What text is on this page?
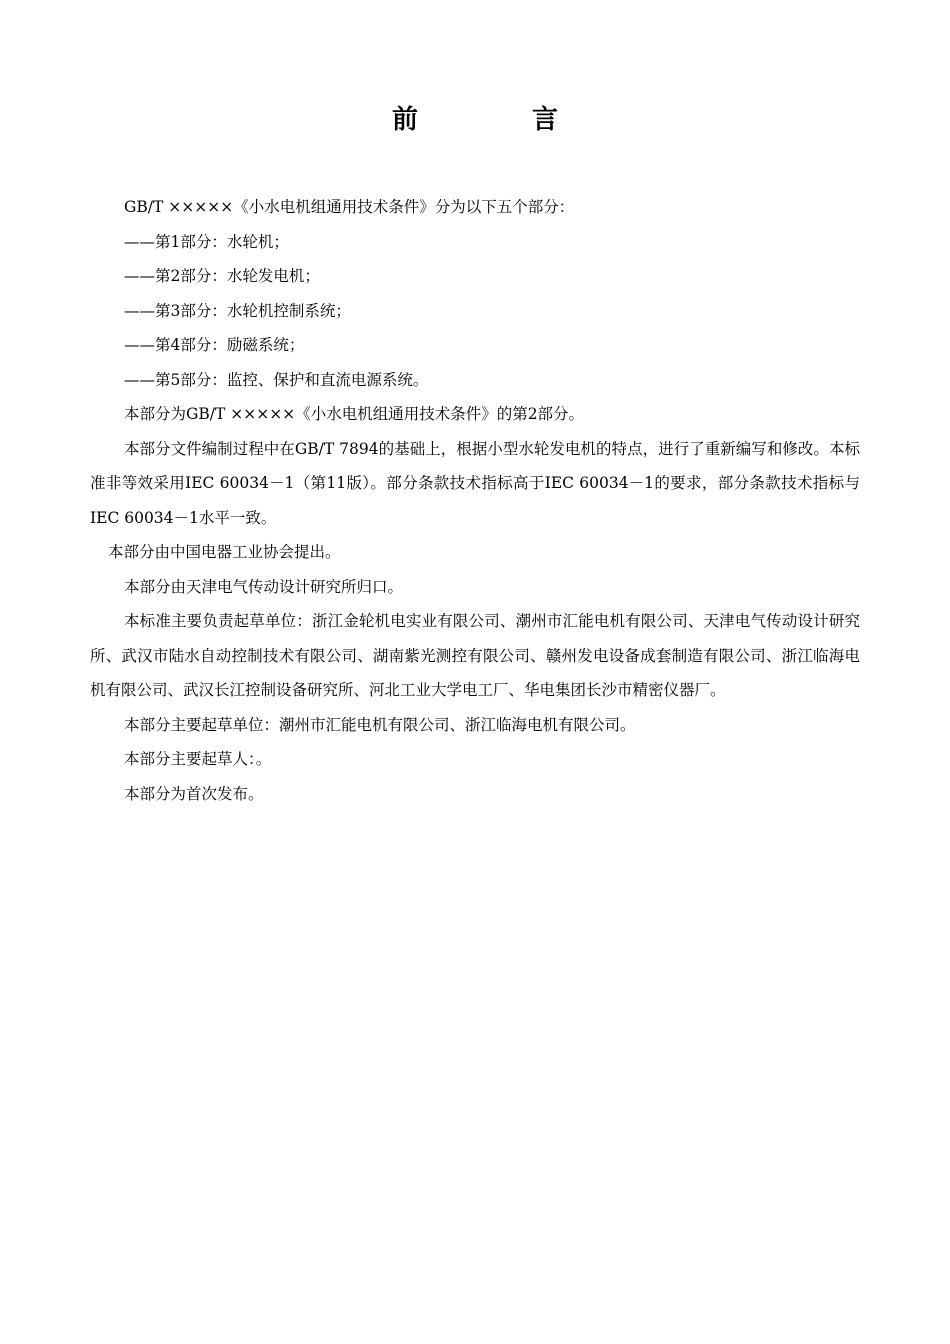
前　言

GB/T ×××××《小水电机组通用技术条件》分为以下五个部分：

——第1部分：水轮机；

——第2部分：水轮发电机；

——第3部分：水轮机控制系统；

——第4部分：励磁系统；

——第5部分：监控、保护和直流电源系统。

本部分为GB/T ×××××《小水电机组通用技术条件》的第2部分。

本部分文件编制过程中在GB/T 7894的基础上，根据小型水轮发电机的特点，进行了重新编写和修改。本标准非等效采用IEC 60034－1（第11版）。部分条款技术指标高于IEC 60034－1的要求，部分条款技术指标与IEC 60034－1水平一致。

本部分由中国电器工业协会提出。

本部分由天津电气传动设计研究所归口。

本标准主要负责起草单位：浙江金轮机电实业有限公司、潮州市汇能电机有限公司、天津电气传动设计研究所、武汉市陆水自动控制技术有限公司、湖南紫光测控有限公司、赣州发电设备成套制造有限公司、浙江临海电机有限公司、武汉长江控制设备研究所、河北工业大学电工厂、华电集团长沙市精密仪器厂。

本部分主要起草单位：潮州市汇能电机有限公司、浙江临海电机有限公司。

本部分主要起草人：。

本部分为首次发布。
